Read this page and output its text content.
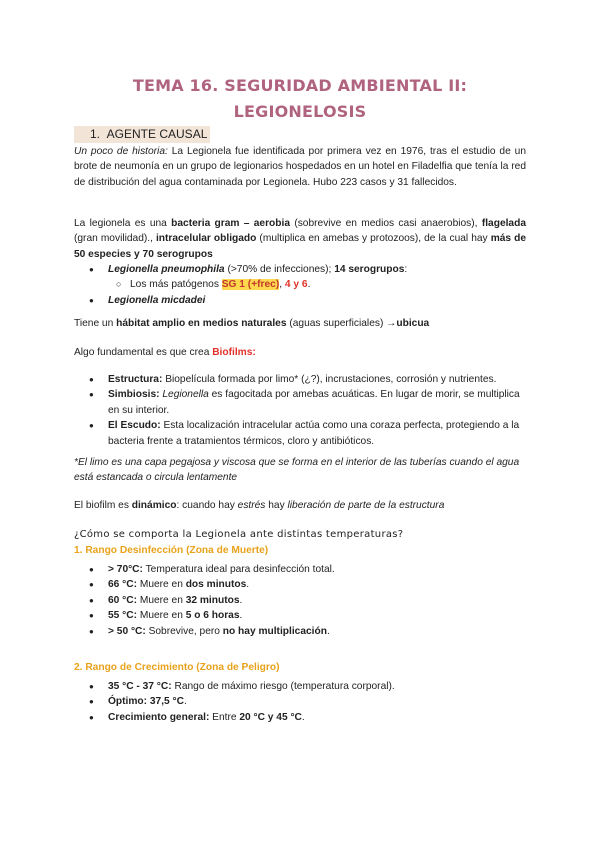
TEMA 16. SEGURIDAD AMBIENTAL II:
LEGIONELOSIS
1. AGENTE CAUSAL
Un poco de historia: La Legionela fue identificada por primera vez en 1976, tras el estudio de un brote de neumonía en un grupo de legionarios hospedados en un hotel en Filadelfia que tenía la red de distribución del agua contaminada por Legionela. Hubo 223 casos y 31 fallecidos.
La legionela es una bacteria gram – aerobia (sobrevive en medios casi anaerobios), flagelada (gran movilidad)., intracelular obligado (multiplica en amebas y protozoos), de la cual hay más de 50 especies y 70 serogrupos
● Legionella pneumophila (>70% de infecciones); 14 serogrupos:
○ Los más patógenos SG 1 (+frec), 4 y 6.
● Legionella micdadei
Tiene un hábitat amplio en medios naturales (aguas superficiales) →ubicua
Algo fundamental es que crea Biofilms:
● Estructura: Biopelícula formada por limo* (¿?), incrustaciones, corrosión y nutrientes.
● Simbiosis: Legionella es fagocitada por amebas acuáticas. En lugar de morir, se multiplica en su interior.
● El Escudo: Esta localización intracelular actúa como una coraza perfecta, protegiendo a la bacteria frente a tratamientos térmicos, cloro y antibióticos.
*El limo es una capa pegajosa y viscosa que se forma en el interior de las tuberías cuando el agua está estancada o circula lentamente
El biofilm es dinámico: cuando hay estrés hay liberación de parte de la estructura
¿Cómo se comporta la Legionela ante distintas temperaturas?
1. Rango Desinfección (Zona de Muerte)
● > 70°C: Temperatura ideal para desinfección total.
● 66 °C: Muere en dos minutos.
● 60 °C: Muere en 32 minutos.
● 55 °C: Muere en 5 o 6 horas.
● > 50 °C: Sobrevive, pero no hay multiplicación.
2. Rango de Crecimiento (Zona de Peligro)
● 35 °C - 37 °C: Rango de máximo riesgo (temperatura corporal).
● Óptimo: 37,5 °C.
● Crecimiento general: Entre 20 °C y 45 °C.
